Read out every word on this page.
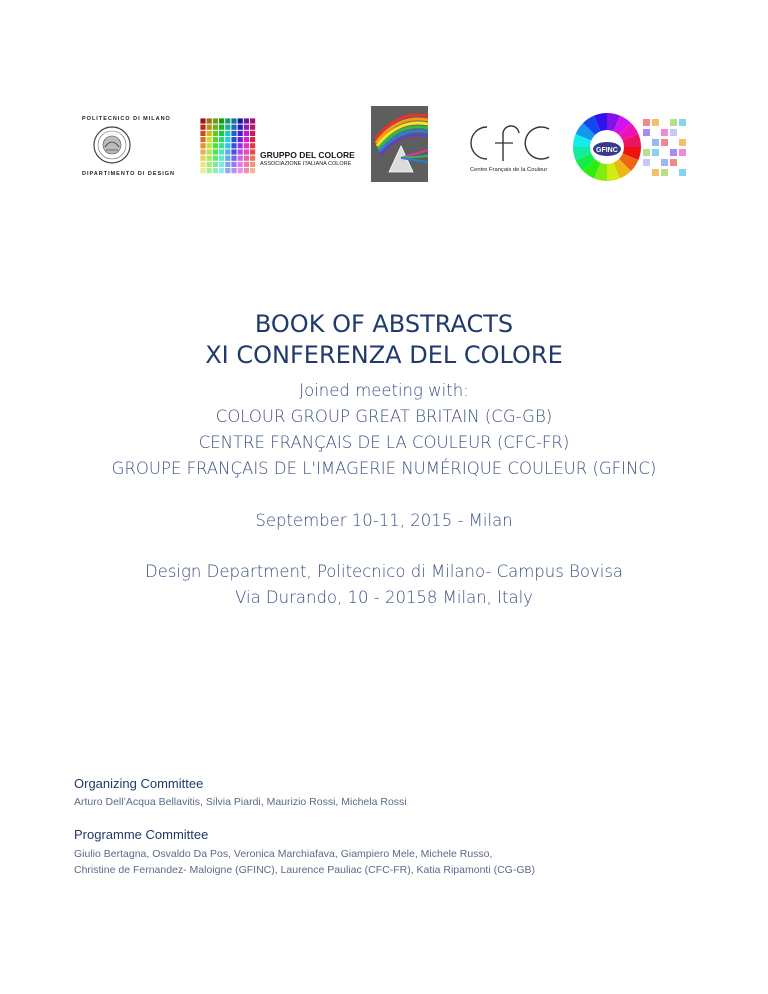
POLITECNICO DI MILANO
DIPARTIMENTO DI DESIGN
GRUPPO DEL COLORE
ASSOCIAZIONE ITALIANA COLORE
Centre Français de la Couleur
GFINC
BOOK OF ABSTRACTS
XI CONFERENZA DEL COLORE
Joined meeting with:
COLOUR GROUP GREAT BRITAIN (CG-GB)
CENTRE FRANÇAIS DE LA COULEUR (CFC-FR)
GROUPE FRANÇAIS DE L'IMAGERIE NUMÉRIQUE COULEUR (GFINC)
September 10-11, 2015 - Milan
Design Department, Politecnico di Milano- Campus Bovisa
Via Durando, 10 - 20158 Milan, Italy
Organizing Committee
Arturo Dell’Acqua Bellavitis, Silvia Piardi, Maurizio Rossi, Michela Rossi
Programme Committee
Giulio Bertagna, Osvaldo Da Pos, Veronica Marchiafava, Giampiero Mele, Michele Russo,
Christine de Fernandez- Maloigne (GFINC), Laurence Pauliac (CFC-FR), Katia Ripamonti (CG-GB)
